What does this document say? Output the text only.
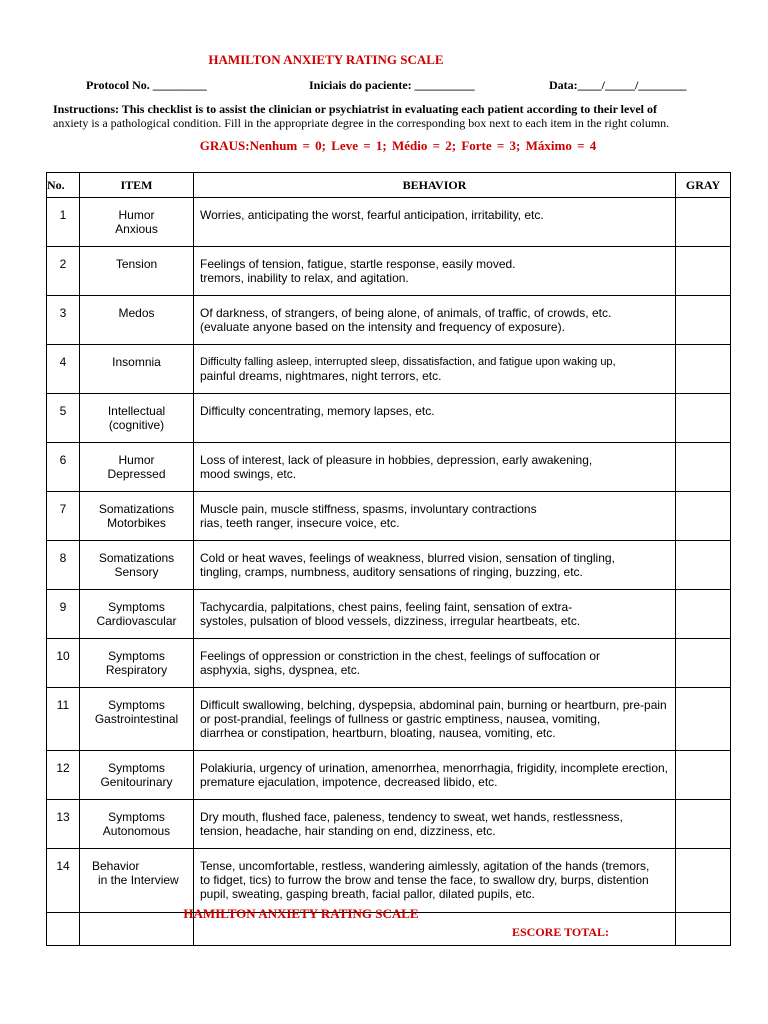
HAMILTON ANXIETY RATING SCALE
Protocol No. _________	Iniciais do paciente: __________	Data:____/_____/________
Instructions: This checklist is to assist the clinician or psychiatrist in evaluating each patient according to their level of
anxiety is a pathological condition. Fill in the appropriate degree in the corresponding box next to each item in the right column.
GRAUS:Nenhum = 0; Leve = 1; Médio = 2; Forte = 3; Máximo = 4
No.	ITEM	BEHAVIOR	GRAY
1	Humor
Anxious	Worries, anticipating the worst, fearful anticipation, irritability, etc.	

2	Tension	Feelings of tension, fatigue, startle response, easily moved.
tremors, inability to relax, and agitation.	

3	Medos	Of darkness, of strangers, of being alone, of animals, of traffic, of crowds, etc.
(evaluate anyone based on the intensity and frequency of exposure).	

4	Insomnia	Difficulty falling asleep, interrupted sleep, dissatisfaction, and fatigue upon waking up,
painful dreams, nightmares, night terrors, etc.	

5	Intellectual
(cognitive)	Difficulty concentrating, memory lapses, etc.	

6	Humor
Depressed	Loss of interest, lack of pleasure in hobbies, depression, early awakening,
mood swings, etc.	

7	Somatizations
Motorbikes	Muscle pain, muscle stiffness, spasms, involuntary contractions
rias, teeth ranger, insecure voice, etc.	

8	Somatizations
Sensory	Cold or heat waves, feelings of weakness, blurred vision, sensation of tingling,
tingling, cramps, numbness, auditory sensations of ringing, buzzing, etc.	

9	Symptoms
Cardiovascular	Tachycardia, palpitations, chest pains, feeling faint, sensation of extra-
systoles, pulsation of blood vessels, dizziness, irregular heartbeats, etc.	

10	Symptoms
Respiratory	Feelings of oppression or constriction in the chest, feelings of suffocation or
asphyxia, sighs, dyspnea, etc.	

11	Symptoms
Gastrointestinal	Difficult swallowing, belching, dyspepsia, abdominal pain, burning or heartburn, pre-pain
or post-prandial, feelings of fullness or gastric emptiness, nausea, vomiting,
diarrhea or constipation, heartburn, bloating, nausea, vomiting, etc.	

12	Symptoms
Genitourinary	Polakiuria, urgency of urination, amenorrhea, menorrhagia, frigidity, incomplete erection,
premature ejaculation, impotence, decreased libido, etc.	

13	Symptoms
Autonomous	Dry mouth, flushed face, paleness, tendency to sweat, wet hands, restlessness,
tension, headache, hair standing on end, dizziness, etc.	

14	Behavior
in the Interview	Tense, uncomfortable, restless, wandering aimlessly, agitation of the hands (tremors,
to fidget, tics) to furrow the brow and tense the face, to swallow dry, burps, distention
pupil, sweating, gasping breath, facial pallor, dilated pupils, etc.	

		ESCORE TOTAL:	
HAMILTON ANXIETY RATING SCALE
